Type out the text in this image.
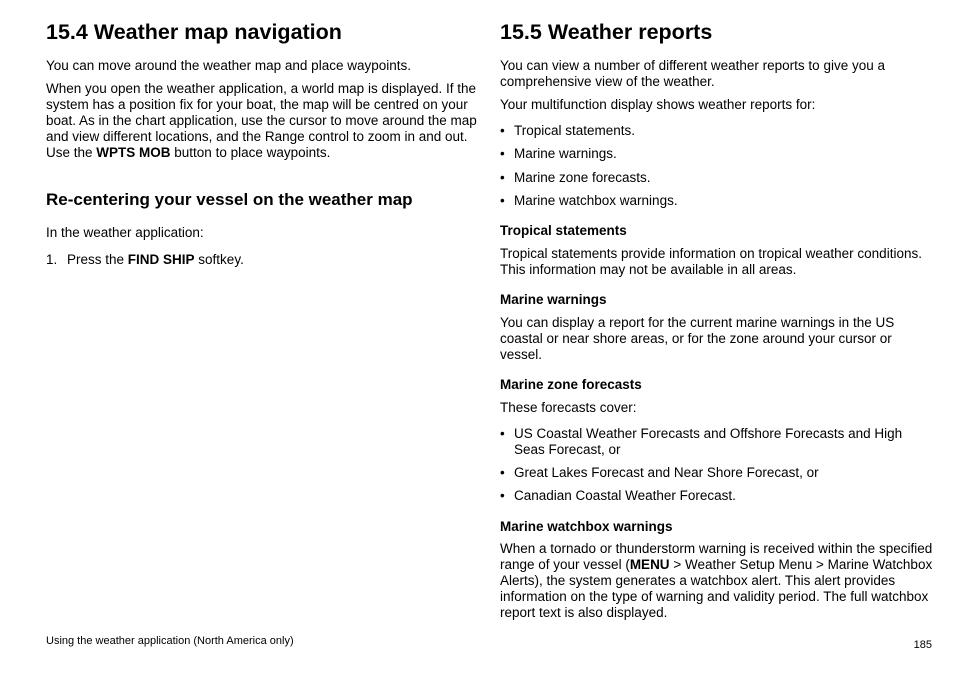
15.4 Weather map navigation

You can move around the weather map and place waypoints.

When you open the weather application, a world map is displayed. If the system has a position fix for your boat, the map will be centred on your boat. As in the chart application, use the cursor to move around the map and view different locations, and the Range control to zoom in and out. Use the WPTS MOB button to place waypoints.

Re-centering your vessel on the weather map

In the weather application:

1. Press the FIND SHIP softkey.
15.5 Weather reports

You can view a number of different weather reports to give you a comprehensive view of the weather.

Your multifunction display shows weather reports for:

• Tropical statements.
• Marine warnings.
• Marine zone forecasts.
• Marine watchbox warnings.
Tropical statements

Tropical statements provide information on tropical weather conditions. This information may not be available in all areas.

Marine warnings

You can display a report for the current marine warnings in the US coastal or near shore areas, or for the zone around your cursor or vessel.

Marine zone forecasts

These forecasts cover:

• US Coastal Weather Forecasts and Offshore Forecasts and High Seas Forecast, or
• Great Lakes Forecast and Near Shore Forecast, or
• Canadian Coastal Weather Forecast.
Marine watchbox warnings

When a tornado or thunderstorm warning is received within the specified range of your vessel (MENU > Weather Setup Menu > Marine Watchbox Alerts), the system generates a watchbox alert. This alert provides information on the type of warning and validity period. The full watchbox report text is also displayed.

Using the weather application (North America only)	185
